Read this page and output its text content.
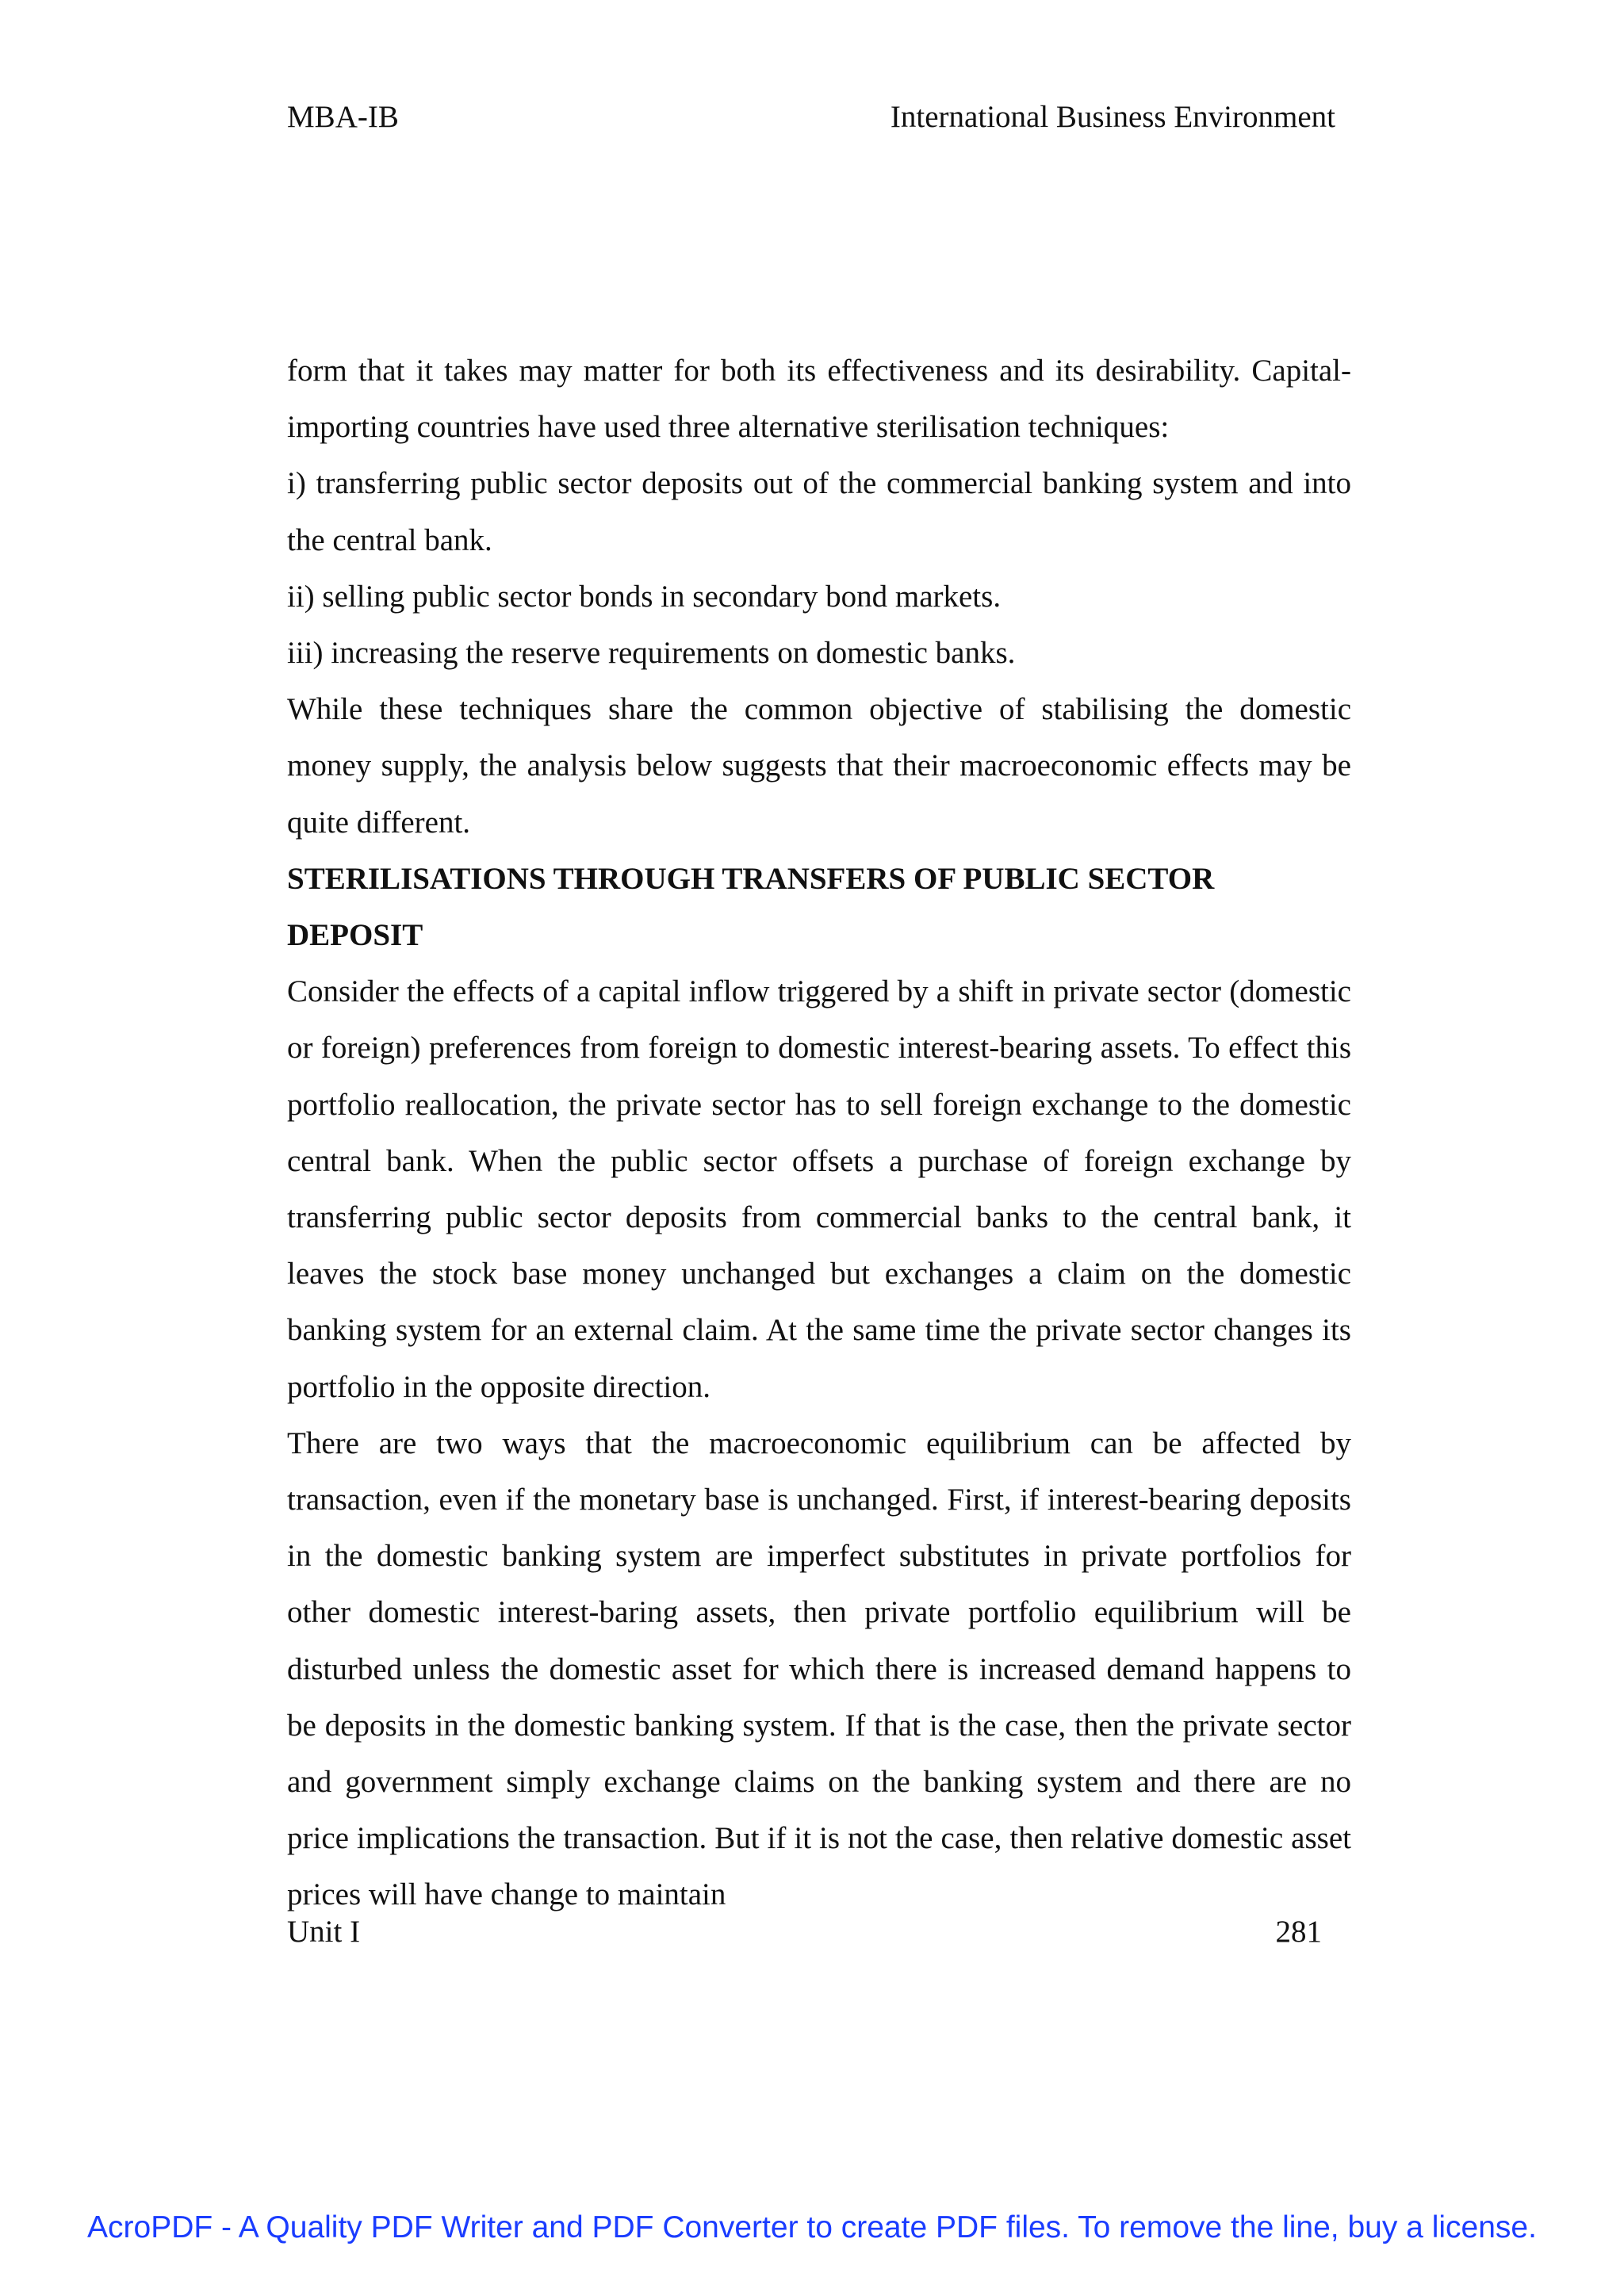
MBA-IB	International Business Environment

form that it takes may matter for both its effectiveness and its desirability. Capital-importing countries have used three alternative sterilisation techniques:

i) transferring public sector deposits out of the commercial banking system and into the central bank.

ii) selling public sector bonds in secondary bond markets.

iii) increasing the reserve requirements on domestic banks.

While these techniques share the common objective of stabilising the domestic money supply, the analysis below suggests that their macroeconomic effects may be quite different.

STERILISATIONS THROUGH TRANSFERS OF PUBLIC SECTOR DEPOSIT

Consider the effects of a capital inflow triggered by a shift in private sector (domestic or foreign) preferences from foreign to domestic interest-bearing assets. To effect this portfolio reallocation, the private sector has to sell foreign exchange to the domestic central bank. When the public sector offsets a purchase of foreign exchange by transferring public sector deposits from commercial banks to the central bank, it leaves the stock base money unchanged but exchanges a claim on the domestic banking system for an external claim. At the same time the private sector changes its portfolio in the opposite direction.

There are two ways that the macroeconomic equilibrium can be affected by transaction, even if the monetary base is unchanged. First, if interest-bearing deposits in the domestic banking system are imperfect substitutes in private portfolios for other domestic interest-baring assets, then private portfolio equilibrium will be disturbed unless the domestic asset for which there is increased demand happens to be deposits in the domestic banking system. If that is the case, then the private sector and government simply exchange claims on the banking system and there are no price implications the transaction. But if it is not the case, then relative domestic asset prices will have change to maintain

Unit I	281
AcroPDF - A Quality PDF Writer and PDF Converter to create PDF files. To remove the line, buy a license.
